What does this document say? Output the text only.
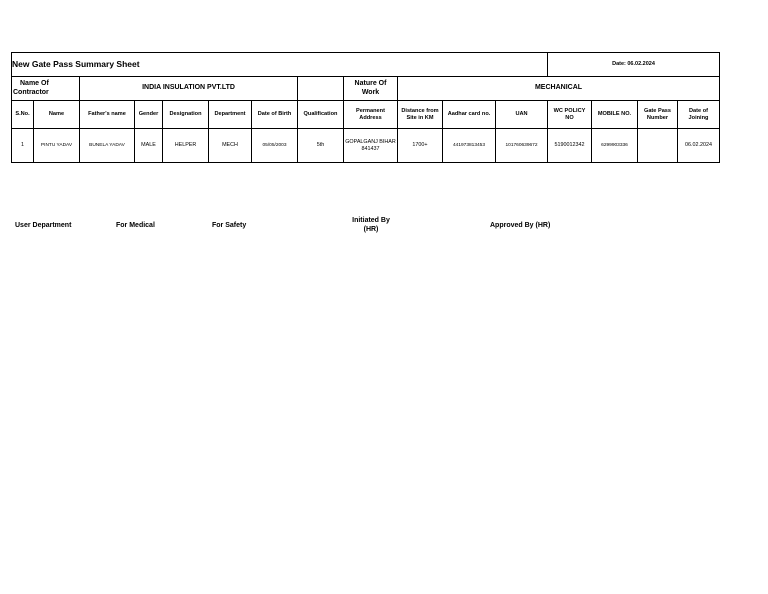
New Gate Pass Summary Sheet												Date: 06.02.2024			

Name Of
Contractor		INDIA INSULATION PVT.LTD						Nature Of Work	MECHANICAL						
S.No.	Name	Father's name	Gender	Designation	Department	Date of Birth	Qualification	Permanent Address	Distance from Site in KM	Aadhar card no.	UAN	WC POLICY NO	MOBILE NO.	Gate Pass Number	Date of Joining
1	PINTU YADAV	BUNELA YADAV	MALE	HELPER	MECH	05/05/2003	5th	GOPALGANJ BIHAR 841437	1700+	441973813453	101760639672	5190012342	6299903336		06.02.2024
User Department	For Medical	For Safety
Initiated By (HR)
Approved By (HR)
